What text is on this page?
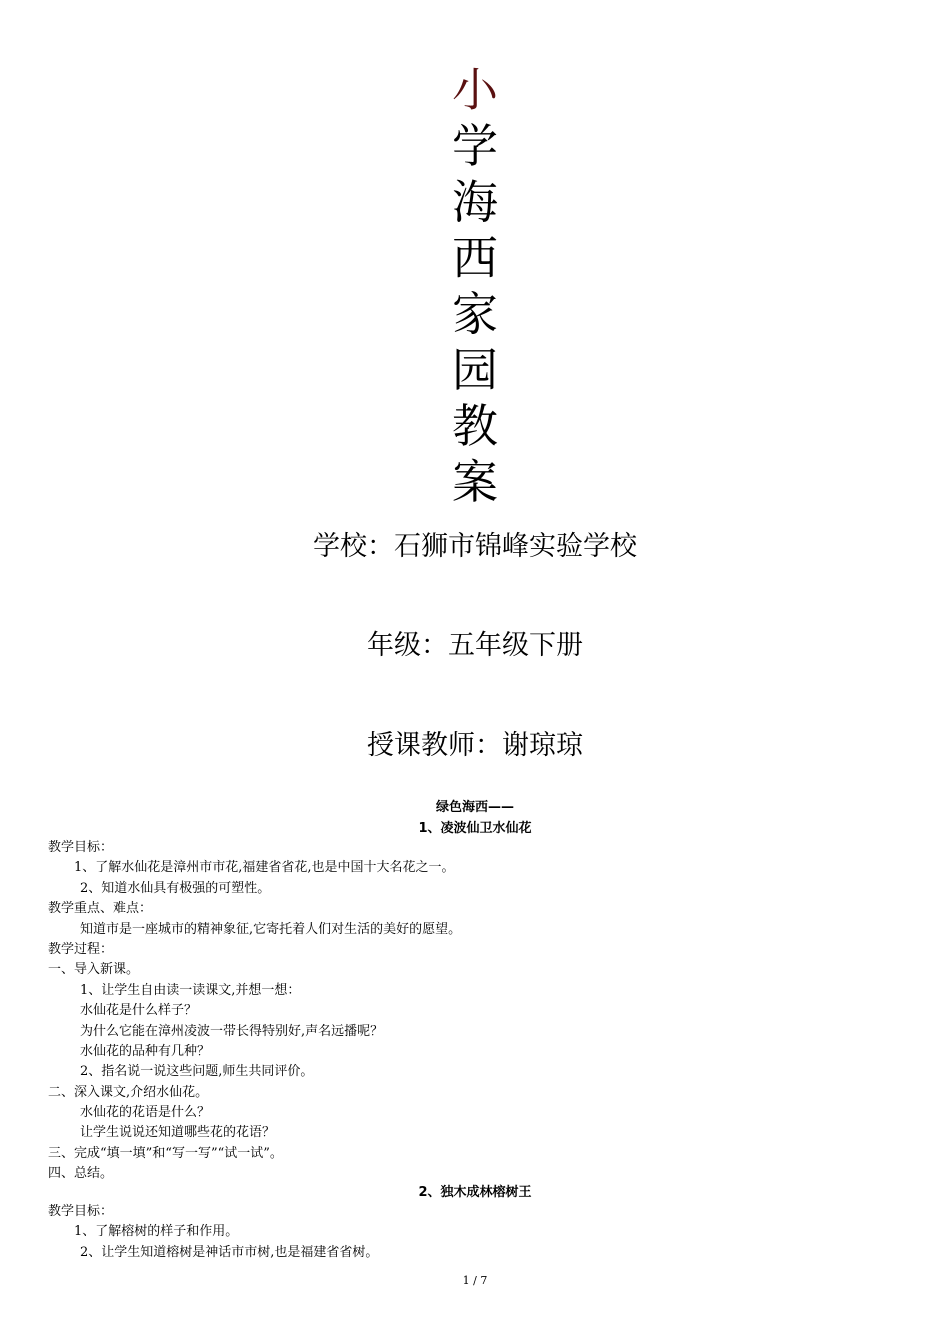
小
学
海
西
家
园
教
案
学校：石狮市锦峰实验学校
年级：五年级下册
授课教师：谢琼琼
绿色海西——
1、凌波仙卫水仙花
教学目标：
1、了解水仙花是漳州市市花,福建省省花,也是中国十大名花之一。
2、知道水仙具有极强的可塑性。
教学重点、难点：
知道市是一座城市的精神象征,它寄托着人们对生活的美好的愿望。
教学过程：
一、导入新课。
1、让学生自由读一读课文,并想一想：
水仙花是什么样子？
为什么它能在漳州凌波一带长得特别好,声名远播呢？
水仙花的品种有几种？
2、指名说一说这些问题,师生共同评价。
二、深入课文,介绍水仙花。
水仙花的花语是什么？
让学生说说还知道哪些花的花语？
三、完成“填一填”和“写一写”“试一试”。
四、总结。
2、独木成林榕树王
教学目标：
1、了解榕树的样子和作用。
2、让学生知道榕树是神话市市树,也是福建省省树。
1 / 7
